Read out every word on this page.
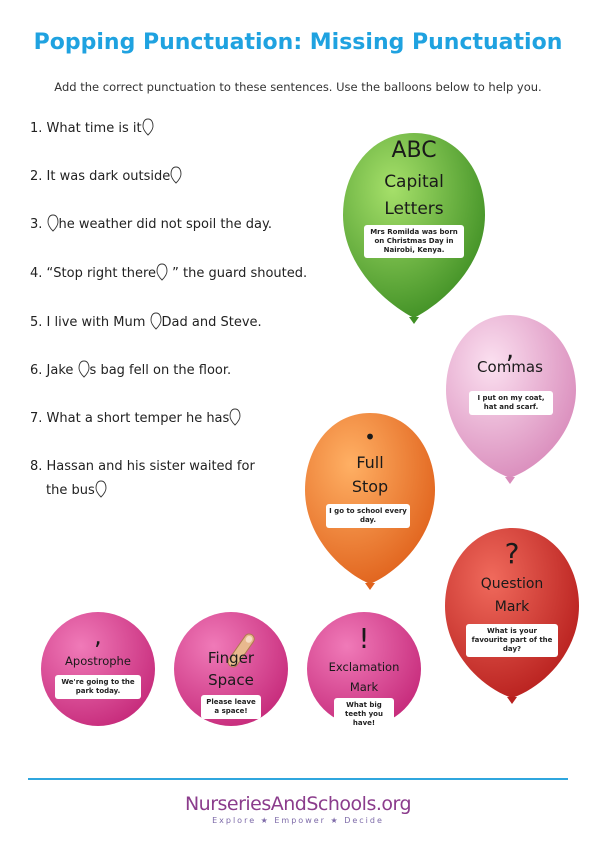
Popping Punctuation: Missing Punctuation
Add the correct punctuation to these sentences. Use the balloons below to help you.
1. What time is it
2. It was dark outside
3. he weather did not spoil the day.
4. “Stop right there ” the guard shouted.
5. I live with Mum Dad and Steve.
6. Jake s bag fell on the floor.
7. What a short temper he has
8. Hassan and his sister waited for
the bus
ABC
Capital
Letters
Mrs Romilda was born on Christmas Day in Nairobi, Kenya.
,
Commas
I put on my coat, hat and scarf.
•
Full
Stop
I go to school every day.
?
Question
Mark
What is your favourite part of the day?
,
Apostrophe
We're going to the park today.
Finger
Space
Please leave a space!
!
Exclamation
Mark
What big teeth you have!
NurseriesAndSchools.org
Explore ★ Empower ★ Decide
